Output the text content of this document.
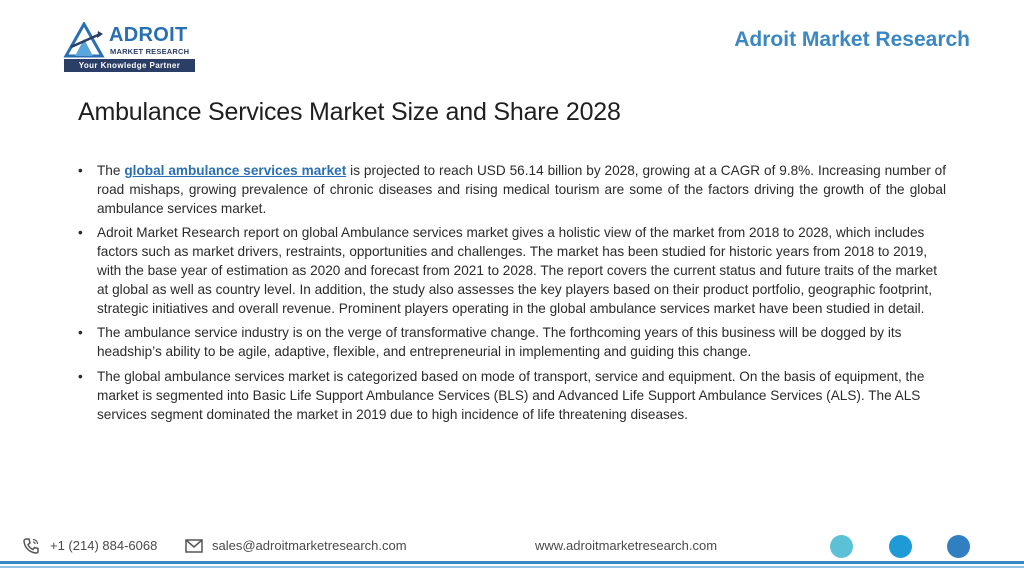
ADROIT
MARKET RESEARCH
Your Knowledge Partner
Adroit Market Research
Ambulance Services Market Size and Share 2028
• The global ambulance services market is projected to reach USD 56.14 billion by 2028, growing at a CAGR of 9.8%. Increasing number of road mishaps, growing prevalence of chronic diseases and rising medical tourism are some of the factors driving the growth of the global ambulance services market.
• Adroit Market Research report on global Ambulance services market gives a holistic view of the market from 2018 to 2028, which includes factors such as market drivers, restraints, opportunities and challenges. The market has been studied for historic years from 2018 to 2019, with the base year of estimation as 2020 and forecast from 2021 to 2028. The report covers the current status and future traits of the market at global as well as country level. In addition, the study also assesses the key players based on their product portfolio, geographic footprint, strategic initiatives and overall revenue. Prominent players operating in the global ambulance services market have been studied in detail.
• The ambulance service industry is on the verge of transformative change. The forthcoming years of this business will be dogged by its headship’s ability to be agile, adaptive, flexible, and entrepreneurial in implementing and guiding this change.
• The global ambulance services market is categorized based on mode of transport, service and equipment. On the basis of equipment, the market is segmented into Basic Life Support Ambulance Services (BLS) and Advanced Life Support Ambulance Services (ALS). The ALS services segment dominated the market in 2019 due to high incidence of life threatening diseases.
+1 (214) 884-6068	sales@adroitmarketresearch.com	www.adroitmarketresearch.com
